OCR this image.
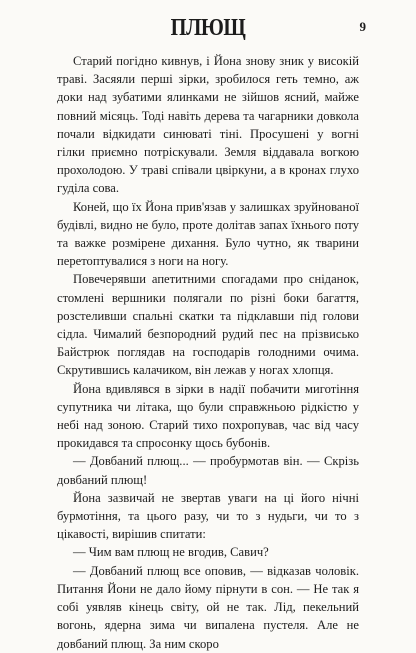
ПЛЮЩ	9

Старий погідно кивнув, і Йона знову зник у високій траві. Засяяли перші зірки, зробилося геть темно, аж доки над зубатими ялинками не зійшов ясний, майже повний місяць. Тоді навіть дерева та чагарники довкола почали відкидати синюваті тіні. Просушені у вогні гілки приємно потріскували. Земля віддавала вогкою прохолодою. У траві співали цвіркуни, а в кронах глухо гуділа сова.

Коней, що їх Йона прив'язав у залишках зруйнованої будівлі, видно не було, проте долітав запах їхнього поту та важке розмірене дихання. Було чутно, як тварини перетоптувалися з ноги на ногу.

Повечерявши апетитними спогадами про сніданок, стомлені вершники полягали по різні боки багаття, розстеливши спальні скатки та підклавши під голови сідла. Чималий безпородний рудий пес на прізвисько Байстрюк поглядав на господарів голодними очима. Скрутившись калачиком, він лежав у ногах хлопця.

Йона вдивлявся в зірки в надії побачити миготіння супутника чи літака, що були справжньою рідкістю у небі над зоною. Старий тихо похропував, час від часу прокидався та спросонку щось бубонів.

— Довбаний плющ... — пробурмотав він. — Скрізь довбаний плющ!

Йона зазвичай не звертав уваги на ці його нічні бурмотіння, та цього разу, чи то з нудьги, чи то з цікавості, вирішив спитати:

— Чим вам плющ не вгодив, Савич?

— Довбаний плющ все оповив, — відказав чоловік. Питання Йони не дало йому пірнути в сон. — Не так я собі уявляв кінець світу, ой не так. Лід, пекельний вогонь, ядерна зима чи випалена пустеля. Але не довбаний плющ. За ним скоро
